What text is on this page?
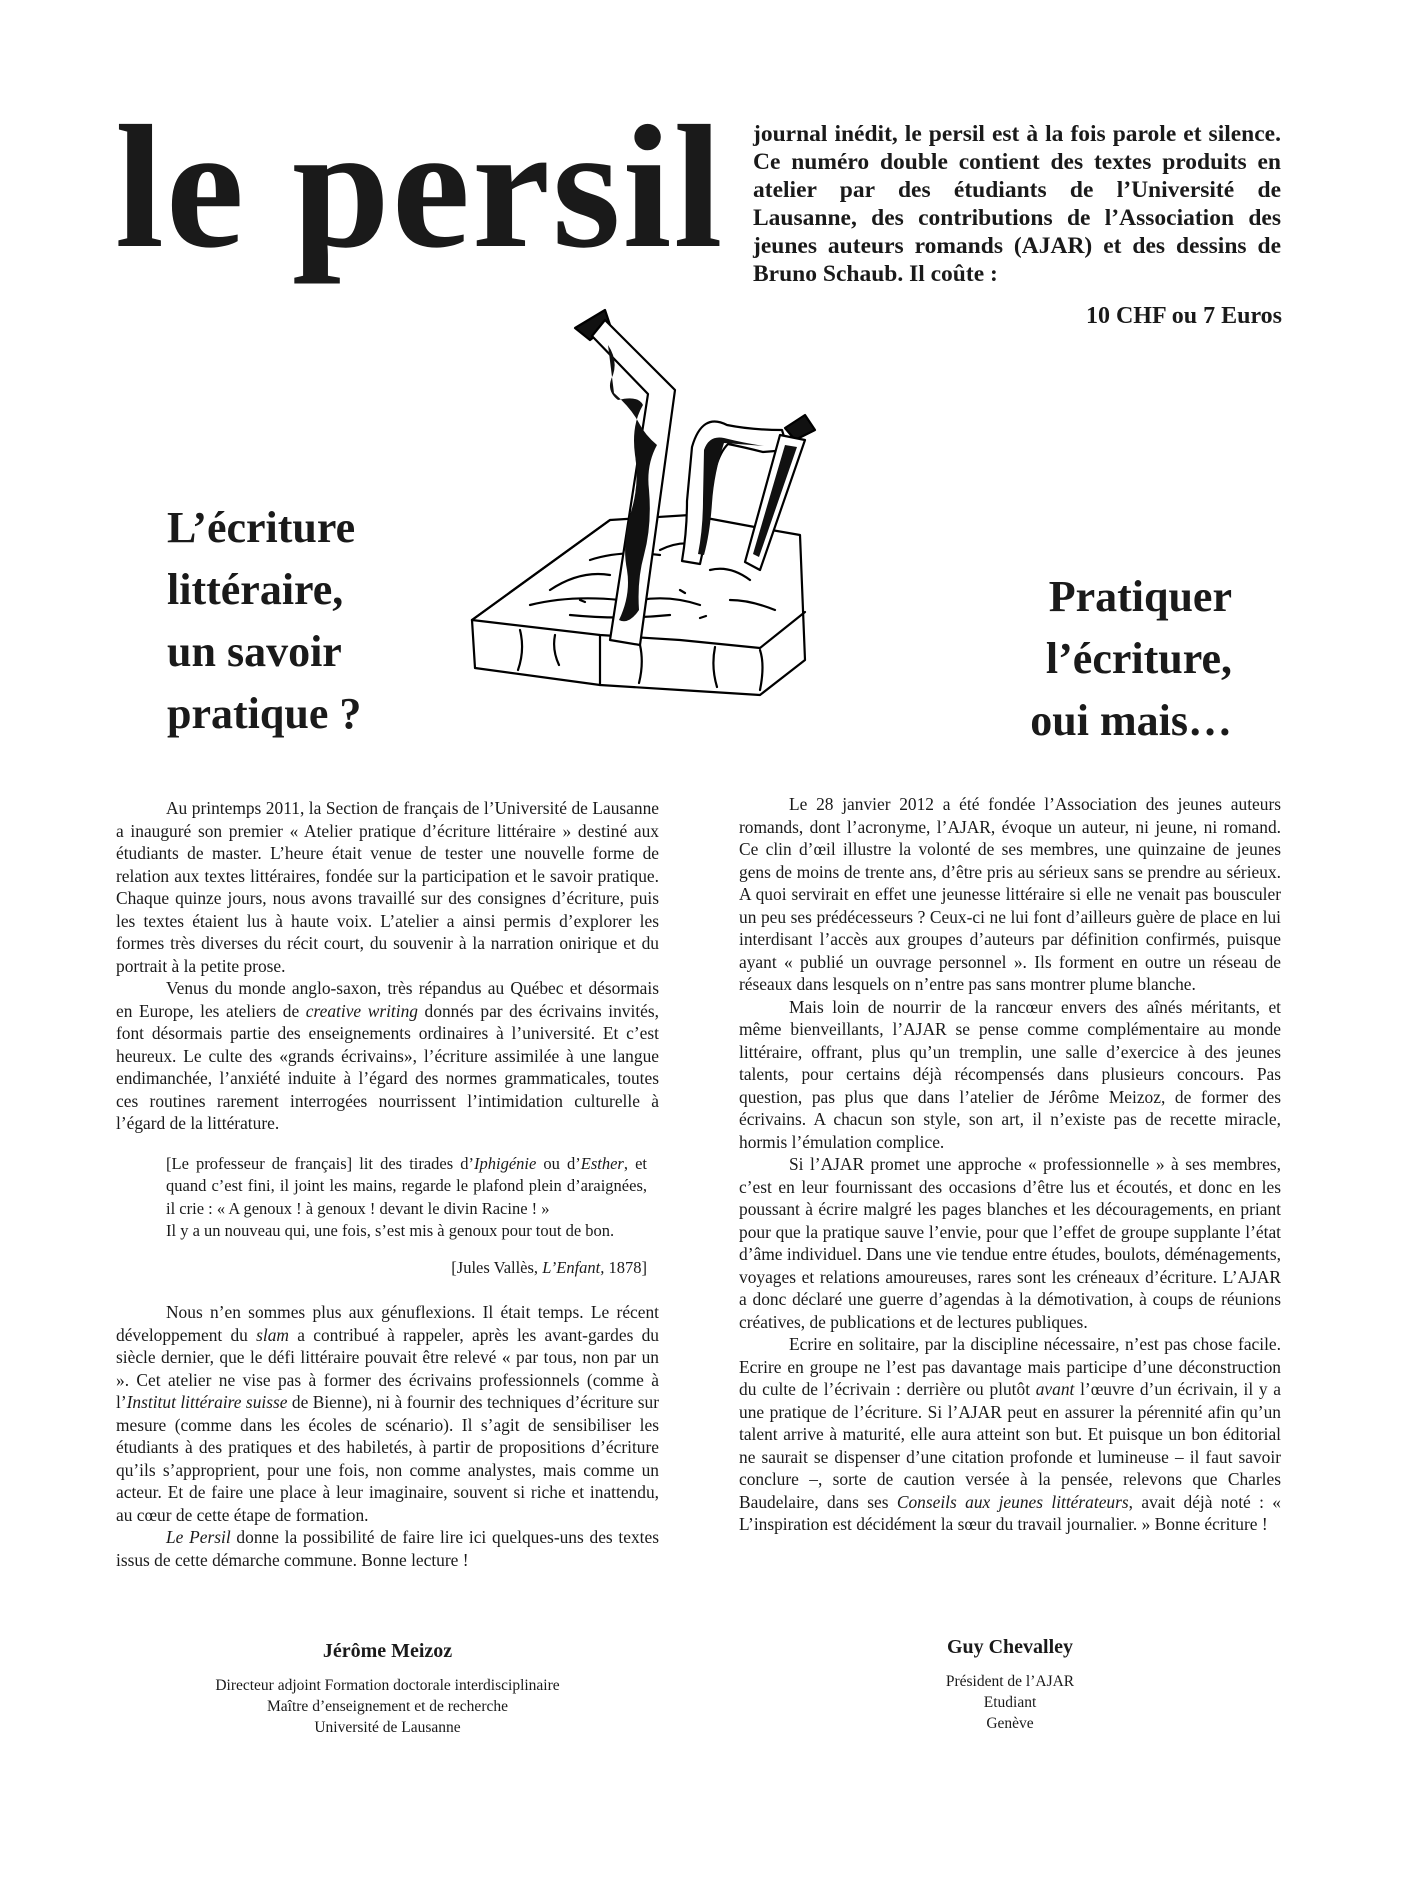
le persil journal inédit, le persil est à la fois parole et silence. Ce numéro double contient des textes produits en atelier par des étudiants de l’Université de Lausanne, des contributions de l’Association des jeunes auteurs romands (AJAR) et des dessins de Bruno Schaub. Il coûte :

10 CHF ou 7 Euros

L’écriture
littéraire,
un savoir
pratique ?
Pratiquer
l’écriture,
oui mais…

Au printemps 2011, la Section de français de l’Université de Lausanne a inauguré son premier « Atelier pratique d’écriture littéraire » destiné aux étudiants de master. L’heure était venue de tester une nouvelle forme de relation aux textes littéraires, fondée sur la participation et le savoir pratique. Chaque quinze jours, nous avons travaillé sur des consignes d’écriture, puis les textes étaient lus à haute voix. L’atelier a ainsi permis d’explorer les formes très diverses du récit court, du souvenir à la narration onirique et du portrait à la petite prose.

Venus du monde anglo-saxon, très répandus au Québec et désormais en Europe, les ateliers de creative writing donnés par des écrivains invités, font désormais partie des enseignements ordinaires à l’université. Et c’est heureux. Le culte des «grands écrivains», l’écriture assimilée à une langue endimanchée, l’anxiété induite à l’égard des normes grammaticales, toutes ces routines rarement interrogées nourrissent l’intimidation culturelle à l’égard de la littérature.

[Le professeur de français] lit des tirades d’Iphigénie ou d’Esther, et quand c’est fini, il joint les mains, regarde le plafond plein d’araignées, il crie : « A genoux ! à genoux ! devant le divin Racine ! »

Il y a un nouveau qui, une fois, s’est mis à genoux pour tout de bon.

[Jules Vallès, L’Enfant, 1878]

Nous n’en sommes plus aux génuflexions. Il était temps. Le récent développement du slam a contribué à rappeler, après les avant-gardes du siècle dernier, que le défi littéraire pouvait être relevé « par tous, non par un ». Cet atelier ne vise pas à former des écrivains professionnels (comme à l’Institut littéraire suisse de Bienne), ni à fournir des techniques d’écriture sur mesure (comme dans les écoles de scénario). Il s’agit de sensibiliser les étudiants à des pratiques et des habiletés, à partir de propositions d’écriture qu’ils s’approprient, pour une fois, non comme analystes, mais comme un acteur. Et de faire une place à leur imaginaire, souvent si riche et inattendu, au cœur de cette étape de formation.

Le Persil donne la possibilité de faire lire ici quelques-uns des textes issus de cette démarche commune. Bonne lecture !

Le 28 janvier 2012 a été fondée l’Association des jeunes auteurs romands, dont l’acronyme, l’AJAR, évoque un auteur, ni jeune, ni romand. Ce clin d’œil illustre la volonté de ses membres, une quinzaine de jeunes gens de moins de trente ans, d’être pris au sérieux sans se prendre au sérieux. A quoi servirait en effet une jeunesse littéraire si elle ne venait pas bousculer un peu ses prédécesseurs ? Ceux-ci ne lui font d’ailleurs guère de place en lui interdisant l’accès aux groupes d’auteurs par définition confirmés, puisque ayant « publié un ouvrage personnel ». Ils forment en outre un réseau de réseaux dans lesquels on n’entre pas sans montrer plume blanche.

Mais loin de nourrir de la rancœur envers des aînés méritants, et même bienveillants, l’AJAR se pense comme complémentaire au monde littéraire, offrant, plus qu’un tremplin, une salle d’exercice à des jeunes talents, pour certains déjà récompensés dans plusieurs concours. Pas question, pas plus que dans l’atelier de Jérôme Meizoz, de former des écrivains. A chacun son style, son art, il n’existe pas de recette miracle, hormis l’émulation complice.

Si l’AJAR promet une approche « professionnelle » à ses membres, c’est en leur fournissant des occasions d’être lus et écoutés, et donc en les poussant à écrire malgré les pages blanches et les découragements, en priant pour que la pratique sauve l’envie, pour que l’effet de groupe supplante l’état d’âme individuel. Dans une vie tendue entre études, boulots, déménagements, voyages et relations amoureuses, rares sont les créneaux d’écriture. L’AJAR a donc déclaré une guerre d’agendas à la démotivation, à coups de réunions créatives, de publications et de lectures publiques.

Ecrire en solitaire, par la discipline nécessaire, n’est pas chose facile. Ecrire en groupe ne l’est pas davantage mais participe d’une déconstruction du culte de l’écrivain : derrière ou plutôt avant l’œuvre d’un écrivain, il y a une pratique de l’écriture. Si l’AJAR peut en assurer la pérennité afin qu’un talent arrive à maturité, elle aura atteint son but. Et puisque un bon éditorial ne saurait se dispenser d’une citation profonde et lumineuse – il faut savoir conclure –, sorte de caution versée à la pensée, relevons que Charles Baudelaire, dans ses Conseils aux jeunes littérateurs, avait déjà noté : « L’inspiration est décidément la sœur du travail journalier. » Bonne écriture !

Jérôme Meizoz

Directeur adjoint Formation doctorale interdisciplinaire

Maître d’enseignement et de recherche

Université de Lausanne

Guy Chevalley

Président de l’AJAR

Etudiant

Genève
